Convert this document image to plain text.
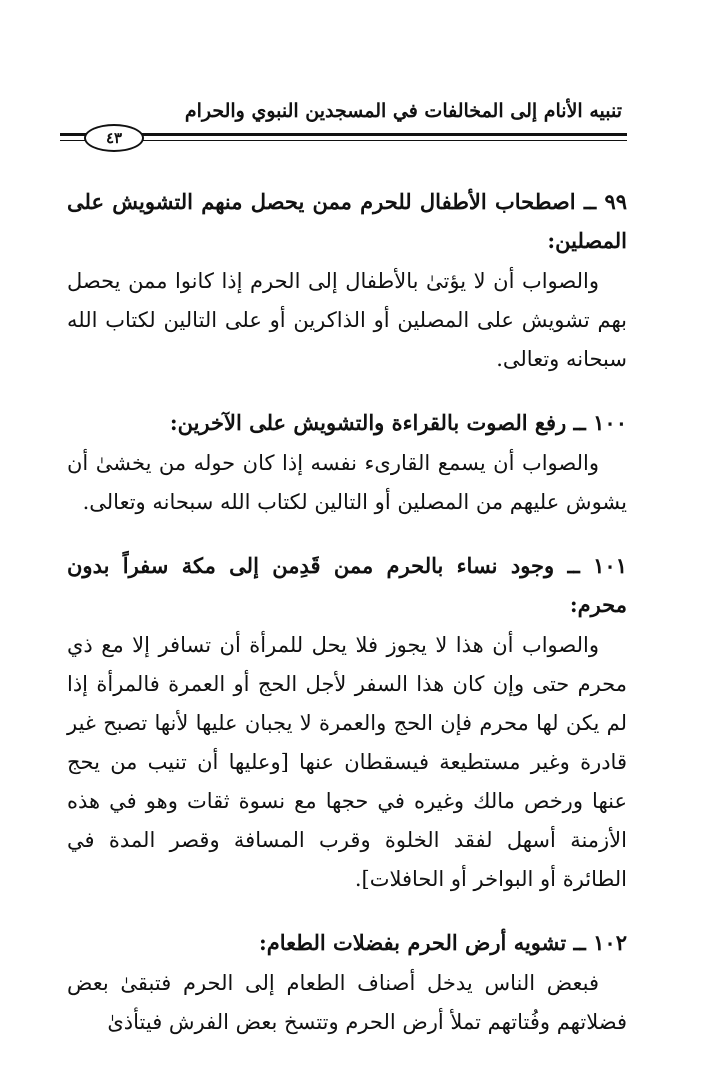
تنبيه الأنام إلى المخالفات في المسجدين النبوي والحرام
٤٣

٩٩ ــ اصطحاب الأطفال للحرم ممن يحصل منهم التشويش على المصلين:

والصواب أن لا يؤتىٰ بالأطفال إلى الحرم إذا كانوا ممن يحصل بهم تشويش على المصلين أو الذاكرين أو على التالين لكتاب الله سبحانه وتعالى.

١٠٠ ــ رفع الصوت بالقراءة والتشويش على الآخرين:

والصواب أن يسمع القارىء نفسه إذا كان حوله من يخشىٰ أن يشوش عليهم من المصلين أو التالين لكتاب الله سبحانه وتعالى.

١٠١ ــ وجود نساء بالحرم ممن قَدِمن إلى مكة سفراً بدون محرم:

والصواب أن هذا لا يجوز فلا يحل للمرأة أن تسافر إلا مع ذي محرم حتى وإن كان هذا السفر لأجل الحج أو العمرة فالمرأة إذا لم يكن لها محرم فإن الحج والعمرة لا يجبان عليها لأنها تصبح غير قادرة وغير مستطيعة فيسقطان عنها [وعليها أن تنيب من يحج عنها ورخص مالك وغيره في حجها مع نسوة ثقات وهو في هذه الأزمنة أسهل لفقد الخلوة وقرب المسافة وقصر المدة في الطائرة أو البواخر أو الحافلات].

١٠٢ ــ تشويه أرض الحرم بفضلات الطعام:

فبعض الناس يدخل أصناف الطعام إلى الحرم فتبقىٰ بعض فضلاتهم وفُتاتهم تملأ أرض الحرم وتتسخ بعض الفرش فيتأذىٰ
